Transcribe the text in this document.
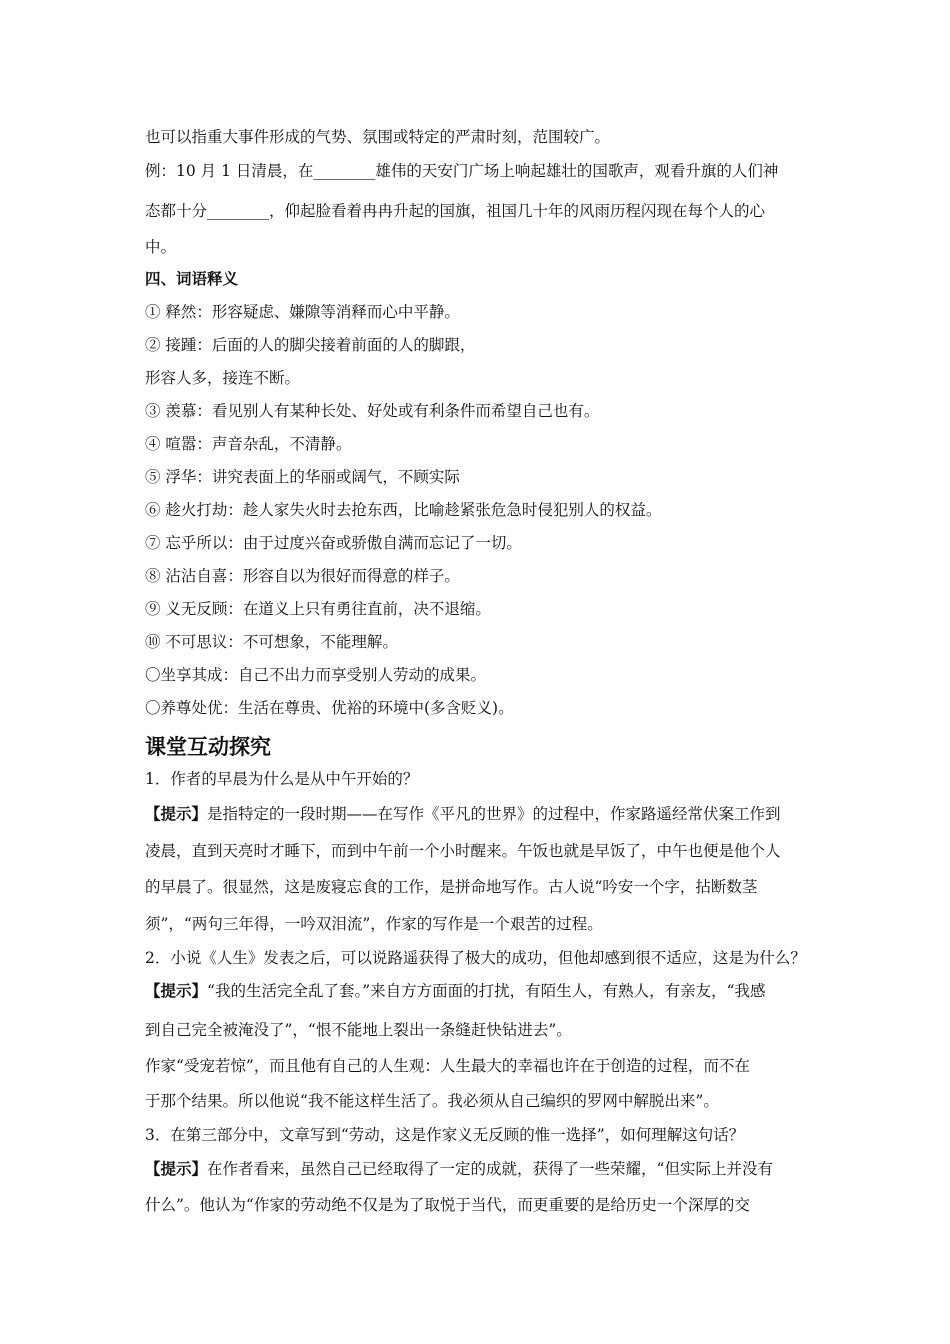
也可以指重大事件形成的气势、氛围或特定的严肃时刻，范围较广。
例：10 月 1 日清晨，在________雄伟的天安门广场上响起雄壮的国歌声，观看升旗的人们神
态都十分________，仰起脸看着冉冉升起的国旗，祖国几十年的风雨历程闪现在每个人的心
中。
四、词语释义
① 释然：形容疑虑、嫌隙等消释而心中平静。
② 接踵：后面的人的脚尖接着前面的人的脚跟，
形容人多，接连不断。
③ 羡慕：看见别人有某种长处、好处或有利条件而希望自己也有。
④ 喧嚣：声音杂乱，不清静。
⑤ 浮华：讲究表面上的华丽或阔气，不顾实际
⑥ 趁火打劫：趁人家失火时去抢东西，比喻趁紧张危急时侵犯别人的权益。
⑦ 忘乎所以：由于过度兴奋或骄傲自满而忘记了一切。
⑧ 沾沾自喜：形容自以为很好而得意的样子。
⑨ 义无反顾：在道义上只有勇往直前，决不退缩。
⑩ 不可思议：不可想象，不能理解。
〇坐享其成：自己不出力而享受别人劳动的成果。
〇养尊处优：生活在尊贵、优裕的环境中(多含贬义)。
课堂互动探究
1．作者的早晨为什么是从中午开始的？
【提示】是指特定的一段时期——在写作《平凡的世界》的过程中，作家路遥经常伏案工作到
凌晨，直到天亮时才睡下，而到中午前一个小时醒来。午饭也就是早饭了，中午也便是他个人
的早晨了。很显然，这是废寝忘食的工作，是拼命地写作。古人说“吟安一个字，拈断数茎
须”，“两句三年得，一吟双泪流”，作家的写作是一个艰苦的过程。
2．小说《人生》发表之后，可以说路遥获得了极大的成功，但他却感到很不适应，这是为什么？
【提示】“我的生活完全乱了套。”来自方方面面的打扰，有陌生人，有熟人，有亲友，“我感
到自己完全被淹没了”，“恨不能地上裂出一条缝赶快钻进去”。
作家“受宠若惊”，而且他有自己的人生观：人生最大的幸福也许在于创造的过程，而不在
于那个结果。所以他说“我不能这样生活了。我必须从自己编织的罗网中解脱出来”。
3．在第三部分中，文章写到“劳动，这是作家义无反顾的惟一选择”，如何理解这句话？
【提示】在作者看来，虽然自己已经取得了一定的成就，获得了一些荣耀，“但实际上并没有
什么”。他认为“作家的劳动绝不仅是为了取悦于当代，而更重要的是给历史一个深厚的交
